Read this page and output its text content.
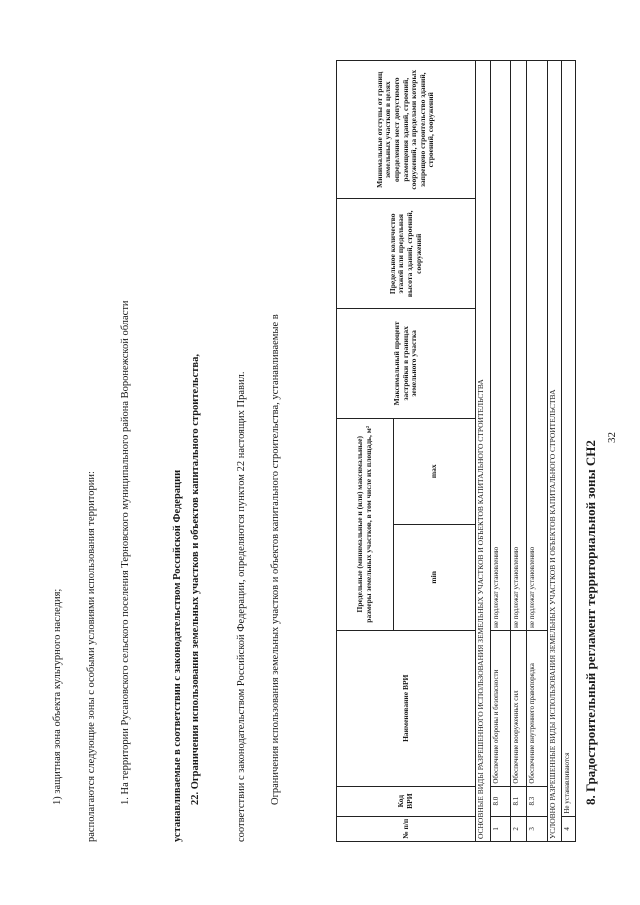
32
8. Градостроительный регламент территориальной зоны СН2
№ п/п	Код ВРИ	Наименование ВРИ	Предельные (минимальные и (или) максимальные) размеры земельных участков, в том числе их площадь, м²		Максимальный процент застройки в границах земельного участка	Предельное количество этажей или предельная высота зданий, строений, сооружений	Минимальные отступы от границ земельных участков в целях определения мест допустимого размещения зданий, строений, сооружений, за пределами которых запрещено строительство зданий, строений, сооружений
			min	max			
ОСНОВНЫЕ ВИДЫ РАЗРЕШЕННОГО ИСПОЛЬЗОВАНИЯ ЗЕМЕЛЬНЫХ УЧАСТКОВ И ОБЪЕКТОВ КАПИТАЛЬНОГО СТРОИТЕЛЬСТВА							
1	8.0	Обеспечение обороны и безопасности	не подлежат установлению				
2	8.1	Обеспечение вооруженных сил	не подлежат установлению				
3	8.3	Обеспечение внутреннего правопорядка	не подлежат установлению				
УСЛОВНО РАЗРЕШЕННЫЕ ВИДЫ ИСПОЛЬЗОВАНИЯ ЗЕМЕЛЬНЫХ УЧАСТКОВ И ОБЪЕКТОВ КАПИТАЛЬНОГО СТРОИТЕЛЬСТВА							
4	Не устанавливаются						
Ограничения использования земельных участков и объектов капитального строительства, устанавливаемые в
соответствии с законодательством Российской Федерации, определяются пунктом 22 настоящих Правил.
22. Ограничения использования земельных участков и объектов капитального строительства,
устанавливаемые в соответствии с законодательством Российской Федерации
1. На территории Русановского сельского поселения Терновского муниципального района Воронежской области
располагаются следующие зоны с особыми условиями использования территории:
1) защитная зона объекта культурного наследия;
